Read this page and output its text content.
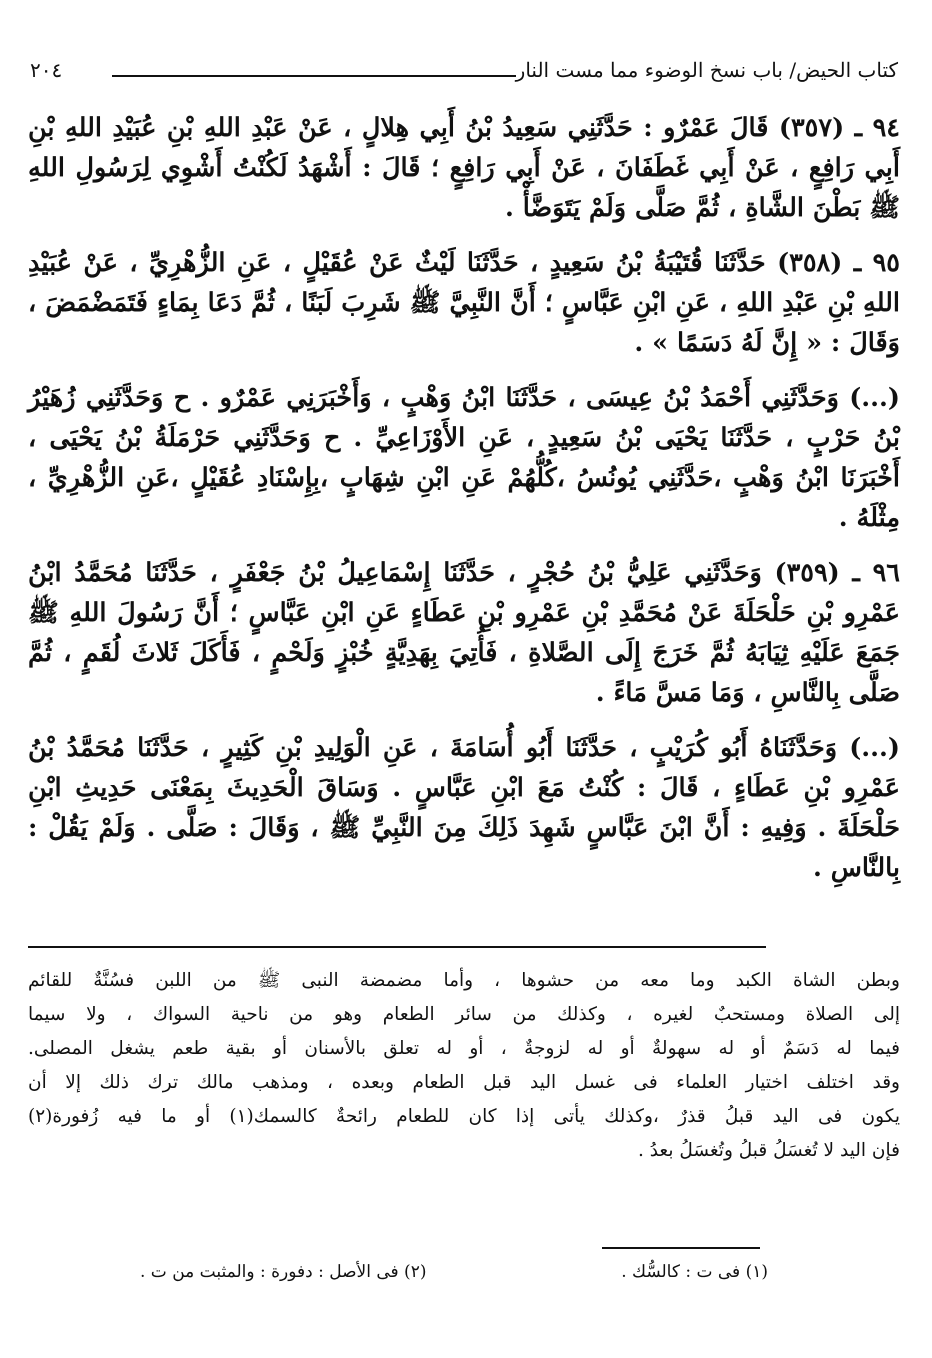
كتاب الحيض/ باب نسخ الوضوء مما مست النار
٢٠٤
٩٤ ـ (٣٥٧) قَالَ عَمْرٌو : حَدَّثَنِي سَعِيدُ بْنُ أَبِي هِلالٍ ، عَنْ عَبْدِ اللهِ بْنِ عُبَيْدِ اللهِ بْنِ أَبِي رَافِعٍ ، عَنْ أَبِي غَطَفَانَ ، عَنْ أَبِي رَافِعٍ ؛ قَالَ : أَشْهَدُ لَكُنْتُ أَشْوِي لِرَسُولِ اللهِ ﷺ بَطْنَ الشَّاةِ ، ثُمَّ صَلَّى وَلَمْ يَتَوَضَّأْ .
٩٥ ـ (٣٥٨) حَدَّثَنَا قُتَيْبَةُ بْنُ سَعِيدٍ ، حَدَّثَنَا لَيْثٌ عَنْ عُقَيْلٍ ، عَنِ الزُّهْرِيِّ ، عَنْ عُبَيْدِ اللهِ بْنِ عَبْدِ اللهِ ، عَنِ ابْنِ عَبَّاسٍ ؛ أَنَّ النَّبِيَّ ﷺ شَرِبَ لَبَنًا ، ثُمَّ دَعَا بِمَاءٍ فَتَمَضْمَضَ ، وَقَالَ : « إِنَّ لَهُ دَسَمًا » .
(...) وَحَدَّثَنِي أَحْمَدُ بْنُ عِيسَى ، حَدَّثَنَا ابْنُ وَهْبٍ ، وَأَخْبَرَنِي عَمْرٌو . ح وَحَدَّثَنِي زُهَيْرُ بْنُ حَرْبٍ ، حَدَّثَنَا يَحْيَى بْنُ سَعِيدٍ ، عَنِ الأَوْزَاعِيِّ . ح وَحَدَّثَنِي حَرْمَلَةُ بْنُ يَحْيَى ، أَخْبَرَنَا ابْنُ وَهْبٍ ،حَدَّثَنِي يُونُسُ ،كُلُّهُمْ عَنِ ابْنِ شِهَابٍ ،بِإِسْنَادِ عُقَيْلٍ ،عَنِ الزُّهْرِيِّ ، مِثْلَهُ .
٩٦ ـ (٣٥٩) وَحَدَّثَنِي عَلِيُّ بْنُ حُجْرٍ ، حَدَّثَنَا إِسْمَاعِيلُ بْنُ جَعْفَرٍ ، حَدَّثَنَا مُحَمَّدُ ابْنُ عَمْرِو بْنِ حَلْحَلَةَ عَنْ مُحَمَّدِ بْنِ عَمْرِو بْنِ عَطَاءٍ عَنِ ابْنِ عَبَّاسٍ ؛ أَنَّ رَسُولَ اللهِ ﷺ جَمَعَ عَلَيْهِ ثِيَابَهُ ثُمَّ خَرَجَ إِلَى الصَّلاةِ ، فَأُتِيَ بِهَدِيَّةٍ خُبْزٍ وَلَحْمٍ ، فَأَكَلَ ثَلاثَ لُقَمٍ ، ثُمَّ صَلَّى بِالنَّاسِ ، وَمَا مَسَّ مَاءً .
(...) وَحَدَّثَنَاهُ أَبُو كُرَيْبٍ ، حَدَّثَنَا أَبُو أُسَامَةَ ، عَنِ الْوَلِيدِ بْنِ كَثِيرٍ ، حَدَّثَنَا مُحَمَّدُ بْنُ عَمْرِو بْنِ عَطَاءٍ ، قَالَ : كُنْتُ مَعَ ابْنِ عَبَّاسٍ . وَسَاقَ الْحَدِيثَ بِمَعْنَى حَدِيثِ ابْنِ حَلْحَلَةَ . وَفِيهِ : أَنَّ ابْنَ عَبَّاسٍ شَهِدَ ذَلِكَ مِنَ النَّبِيِّ ﷺ ، وَقَالَ : صَلَّى . وَلَمْ يَقُلْ : بِالنَّاسِ .
وبطن الشاة الكبد وما معه من حشوها ، وأما مضمضة النبى ﷺ من اللبن فسُنَّةٌ للقائم
إلى الصلاة ومستحبٌ لغيره ، وكذلك من سائر الطعام وهو من ناحية السواك ، ولا سيما
فيما له دَسَمٌ أو له سهولةٌ أو له لزوجةٌ ، أو له تعلق بالأسنان أو بقية طعم يشغل المصلى.
وقد اختلف اختيار العلماء فى غسل اليد قبل الطعام وبعده ، ومذهب مالك ترك ذلك إلا أن
يكون فى اليد قبلُ قذرٌ ،وكذلك يأتى إذا كان للطعام رائحةٌ كالسمك(١) أو ما فيه زُفورة(٢)
فإن اليد لا تُغسَلُ قبلُ وتُغسَلُ بعدُ .
(١) فى ت : كالسُّك .
(٢) فى الأصل : دفورة : والمثبت من ت .
